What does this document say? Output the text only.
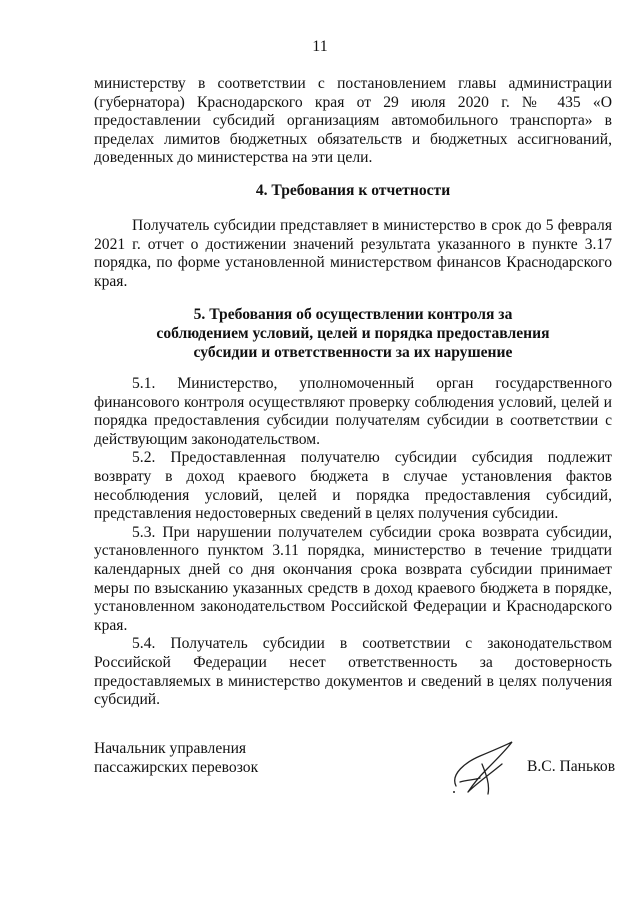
11

министерству в соответствии с постановлением главы администрации (губернатора) Краснодарского края от 29 июля 2020 г. № 435 «О предоставлении субсидий организациям автомобильного транспорта» в пределах лимитов бюджетных обязательств и бюджетных ассигнований, доведенных до министерства на эти цели.

4. Требования к отчетности

Получатель субсидии представляет в министерство в срок до 5 февраля 2021 г. отчет о достижении значений результата указанного в пункте 3.17 порядка, по форме установленной министерством финансов Краснодарского края.

5. Требования об осуществлении контроля за
соблюдением условий, целей и порядка предоставления
субсидии и ответственности за их нарушение

5.1. Министерство, уполномоченный орган государственного финансового контроля осуществляют проверку соблюдения условий, целей и порядка предоставления субсидии получателям субсидии в соответствии с действующим законодательством.

5.2. Предоставленная получателю субсидии субсидия подлежит возврату в доход краевого бюджета в случае установления фактов несоблюдения условий, целей и порядка предоставления субсидий, представления недостоверных сведений в целях получения субсидии.

5.3. При нарушении получателем субсидии срока возврата субсидии, установленного пунктом 3.11 порядка, министерство в течение тридцати календарных дней со дня окончания срока возврата субсидии принимает меры по взысканию указанных средств в доход краевого бюджета в порядке, установленном законодательством Российской Федерации и Краснодарского края.

5.4. Получатель субсидии в соответствии с законодательством Российской Федерации несет ответственность за достоверность предоставляемых в министерство документов и сведений в целях получения субсидий.

Начальник управления
пассажирских перевозок	В.С. Паньков
